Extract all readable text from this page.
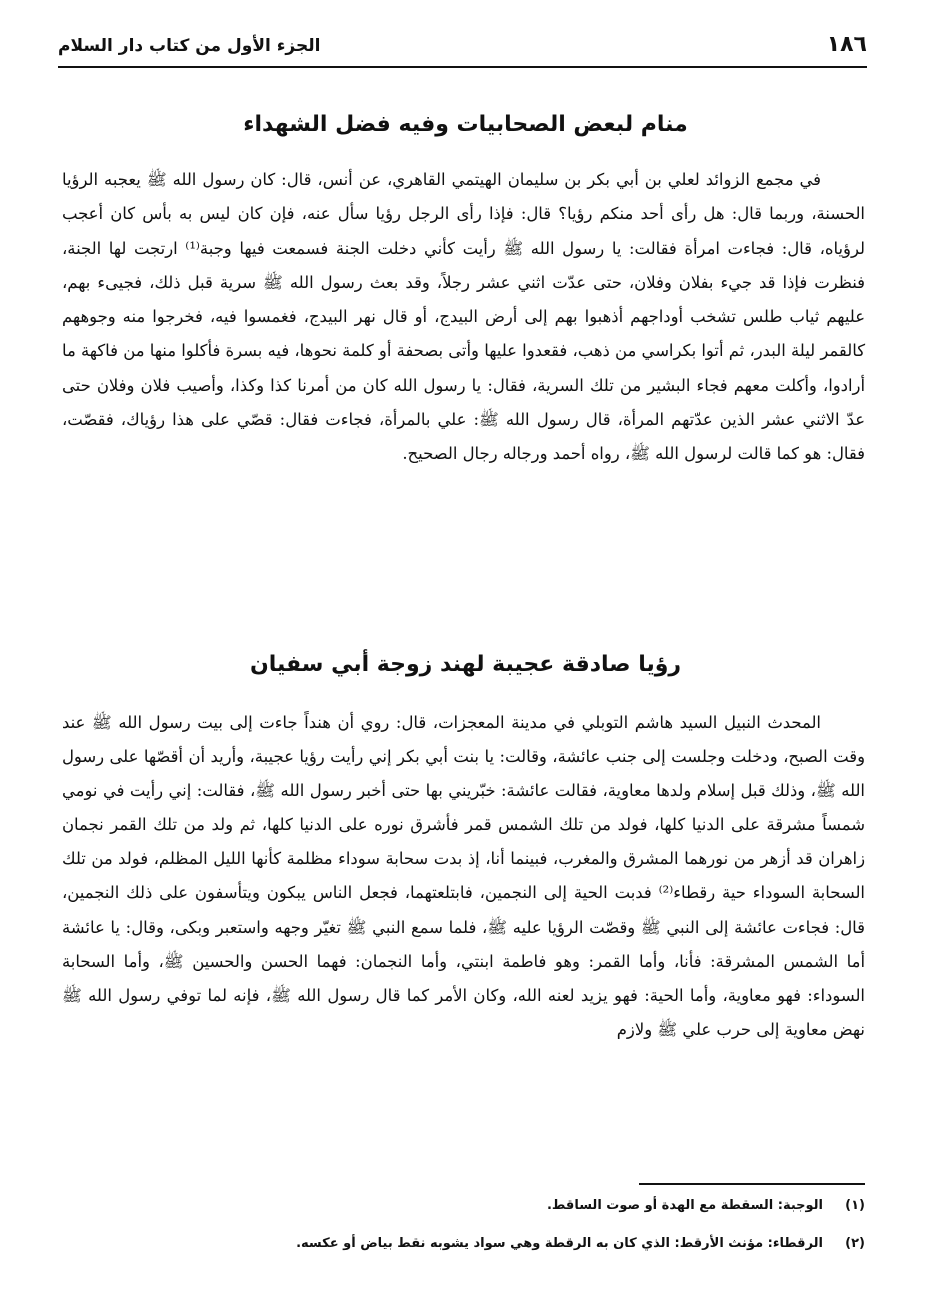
١٨٦
الجزء الأول من كتاب دار السلام
منام لبعض الصحابيات وفيه فضل الشهداء

في مجمع الزوائد لعلي بن أبي بكر بن سليمان الهيتمي القاهري، عن أنس، قال: كان رسول الله ﷺ يعجبه الرؤيا الحسنة، وربما قال: هل رأى أحد منكم رؤيا؟ قال: فإذا رأى الرجل رؤيا سأل عنه، فإن كان ليس به بأس كان أعجب لرؤياه، قال: فجاءت امرأة فقالت: يا رسول الله ﷺ رأيت كأني دخلت الجنة فسمعت فيها وجبة⁽¹⁾ ارتجت لها الجنة، فنظرت فإذا قد جيء بفلان وفلان، حتى عدّت اثني عشر رجلاً، وقد بعث رسول الله ﷺ سرية قبل ذلك، فجيىء بهم، عليهم ثياب طلس تشخب أوداجهم أذهبوا بهم إلى أرض البيدج، أو قال نهر البيدج، فغمسوا فيه، فخرجوا منه وجوههم كالقمر ليلة البدر، ثم أتوا بكراسي من ذهب، فقعدوا عليها وأتى بصحفة أو كلمة نحوها، فيه بسرة فأكلوا منها من فاكهة ما أرادوا، وأكلت معهم فجاء البشير من تلك السرية، فقال: يا رسول الله كان من أمرنا كذا وكذا، وأصيب فلان وفلان حتى عدّ الاثني عشر الذين عدّتهم المرأة، قال رسول الله ﷺ: علي بالمرأة، فجاءت فقال: قصّي على هذا رؤياك، فقصّت، فقال: هو كما قالت لرسول الله ﷺ، رواه أحمد ورجاله رجال الصحيح.

رؤيا صادقة عجيبة لهند زوجة أبي سفيان

المحدث النبيل السيد هاشم التوبلي في مدينة المعجزات، قال: روي أن هنداً جاءت إلى بيت رسول الله ﷺ عند وقت الصبح، ودخلت وجلست إلى جنب عائشة، وقالت: يا بنت أبي بكر إني رأيت رؤيا عجيبة، وأريد أن أقصّها على رسول الله ﷺ، وذلك قبل إسلام ولدها معاوية، فقالت عائشة: خبّريني بها حتى أخبر رسول الله ﷺ، فقالت: إني رأيت في نومي شمساً مشرقة على الدنيا كلها، فولد من تلك الشمس قمر فأشرق نوره على الدنيا كلها، ثم ولد من تلك القمر نجمان زاهران قد أزهر من نورهما المشرق والمغرب، فبينما أنا، إذ بدت سحابة سوداء مظلمة كأنها الليل المظلم، فولد من تلك السحابة السوداء حية رقطاء⁽²⁾ فدبت الحية إلى النجمين، فابتلعتهما، فجعل الناس يبكون ويتأسفون على ذلك النجمين، قال: فجاءت عائشة إلى النبي ﷺ وقصّت الرؤيا عليه ﷺ، فلما سمع النبي ﷺ تغيّر وجهه واستعبر وبكى، وقال: يا عائشة أما الشمس المشرقة: فأنا، وأما القمر: وهو فاطمة ابنتي، وأما النجمان: فهما الحسن والحسين ﷺ، وأما السحابة السوداء: فهو معاوية، وأما الحية: فهو يزيد لعنه الله، وكان الأمر كما قال رسول الله ﷺ، فإنه لما توفي رسول الله ﷺ نهض معاوية إلى حرب علي ﷺ ولازم

(١)الوجبة: السقطة مع الهدة أو صوت الساقط.
(٢)الرقطاء: مؤنث الأرقط: الذي كان به الرقطة وهي سواد يشوبه نقط بياض أو عكسه.
